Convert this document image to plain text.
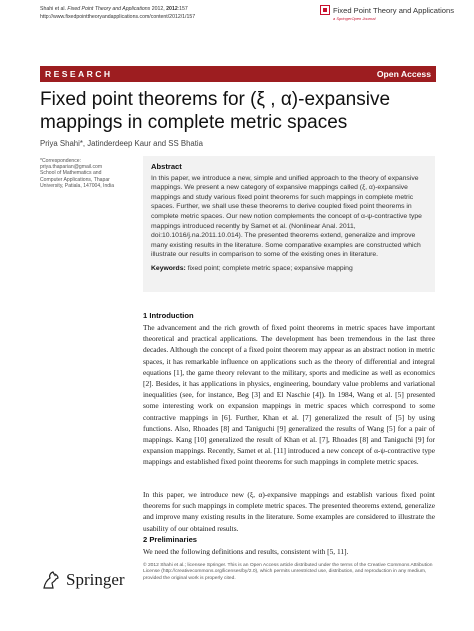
Shahi et al. Fixed Point Theory and Applications 2012, 2012:157
http://www.fixedpointtheoryandapplications.com/content/2012/1/157
Fixed Point Theory and Applications
a SpringerOpen Journal
RESEARCH	Open Access
Fixed point theorems for (ξ , α)-expansive
mappings in complete metric spaces
Priya Shahi*, Jatinderdeep Kaur and SS Bhatia
*Correspondence:
priya.thaparian@gmail.com
School of Mathematics and
Computer Applications, Thapar
University, Patiala, 147004, India
Abstract
In this paper, we introduce a new, simple and unified approach to the theory of expansive mappings. We present a new category of expansive mappings called (ξ, α)-expansive mappings and study various fixed point theorems for such mappings in complete metric spaces. Further, we shall use these theorems to derive coupled fixed point theorems in complete metric spaces. Our new notion complements the concept of α-ψ-contractive type mappings introduced recently by Samet et al. (Nonlinear Anal. 2011, doi:10.1016/j.na.2011.10.014). The presented theorems extend, generalize and improve many existing results in the literature. Some comparative examples are constructed which illustrate our results in comparison to some of the existing ones in literature.
Keywords: fixed point; complete metric space; expansive mapping
1 Introduction
The advancement and the rich growth of fixed point theorems in metric spaces have important theoretical and practical applications. The development has been tremendous in the last three decades. Although the concept of a fixed point theorem may appear as an abstract notion in metric spaces, it has remarkable influence on applications such as the theory of differential and integral equations [1], the game theory relevant to the military, sports and medicine as well as economics [2]. Besides, it has applications in physics, engineering, boundary value problems and variational inequalities (see, for instance, Beg [3] and El Naschie [4]). In 1984, Wang et al. [5] presented some interesting work on expansion mappings in metric spaces which correspond to some contractive mappings in [6]. Further, Khan et al. [7] generalized the result of [5] by using functions. Also, Rhoades [8] and Taniguchi [9] generalized the results of Wang [5] for a pair of mappings. Kang [10] generalized the result of Khan et al. [7], Rhoades [8] and Taniguchi [9] for expansion mappings. Recently, Samet et al. [11] introduced a new concept of α-ψ-contractive type mappings and established fixed point theorems for such mappings in complete metric spaces.
In this paper, we introduce new (ξ, α)-expansive mappings and establish various fixed point theorems for such mappings in complete metric spaces. The presented theorems extend, generalize and improve many existing results in the literature. Some examples are considered to illustrate the usability of our obtained results.
2 Preliminaries
We need the following definitions and results, consistent with [5, 11].
Springer
© 2012 Shahi et al.; licensee Springer. This is an Open Access article distributed under the terms of the Creative Commons Attribution License (http://creativecommons.org/licenses/by/2.0), which permits unrestricted use, distribution, and reproduction in any medium, provided the original work is properly cited.
